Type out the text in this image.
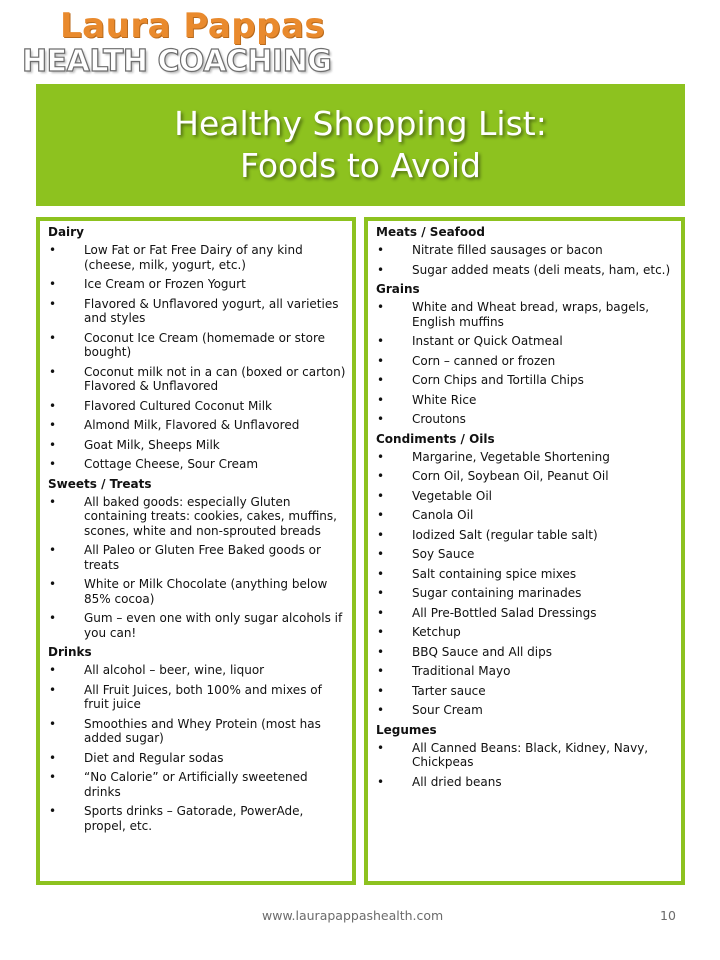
Laura Pappas
HEALTH COACHING
Healthy Shopping List:
Foods to Avoid
Dairy
• Low Fat or Fat Free Dairy of any kind (cheese, milk, yogurt, etc.)
• Ice Cream or Frozen Yogurt
• Flavored & Unflavored yogurt, all varieties and styles
• Coconut Ice Cream (homemade or store bought)
• Coconut milk not in a can (boxed or carton) Flavored & Unflavored
• Flavored Cultured Coconut Milk
• Almond Milk, Flavored & Unflavored
• Goat Milk, Sheeps Milk
• Cottage Cheese, Sour Cream
Sweets / Treats
• All baked goods: especially Gluten containing treats: cookies, cakes, muffins, scones, white and non-sprouted breads
• All Paleo or Gluten Free Baked goods or treats
• White or Milk Chocolate (anything below 85% cocoa)
• Gum – even one with only sugar alcohols if you can!
Drinks
• All alcohol – beer, wine, liquor
• All Fruit Juices, both 100% and mixes of fruit juice
• Smoothies and Whey Protein (most has added sugar)
• Diet and Regular sodas
• “No Calorie” or Artificially sweetened drinks
• Sports drinks – Gatorade, PowerAde, propel, etc.
Meats / Seafood
• Nitrate filled sausages or bacon
• Sugar added meats (deli meats, ham, etc.)
Grains
• White and Wheat bread, wraps, bagels, English muffins
• Instant or Quick Oatmeal
• Corn – canned or frozen
• Corn Chips and Tortilla Chips
• White Rice
• Croutons
Condiments / Oils
• Margarine, Vegetable Shortening
• Corn Oil, Soybean Oil, Peanut Oil
• Vegetable Oil
• Canola Oil
• Iodized Salt (regular table salt)
• Soy Sauce
• Salt containing spice mixes
• Sugar containing marinades
• All Pre-Bottled Salad Dressings
• Ketchup
• BBQ Sauce and All dips
• Traditional Mayo
• Tarter sauce
• Sour Cream
Legumes
• All Canned Beans: Black, Kidney, Navy, Chickpeas
• All dried beans
www.laurapappashealth.com	10
